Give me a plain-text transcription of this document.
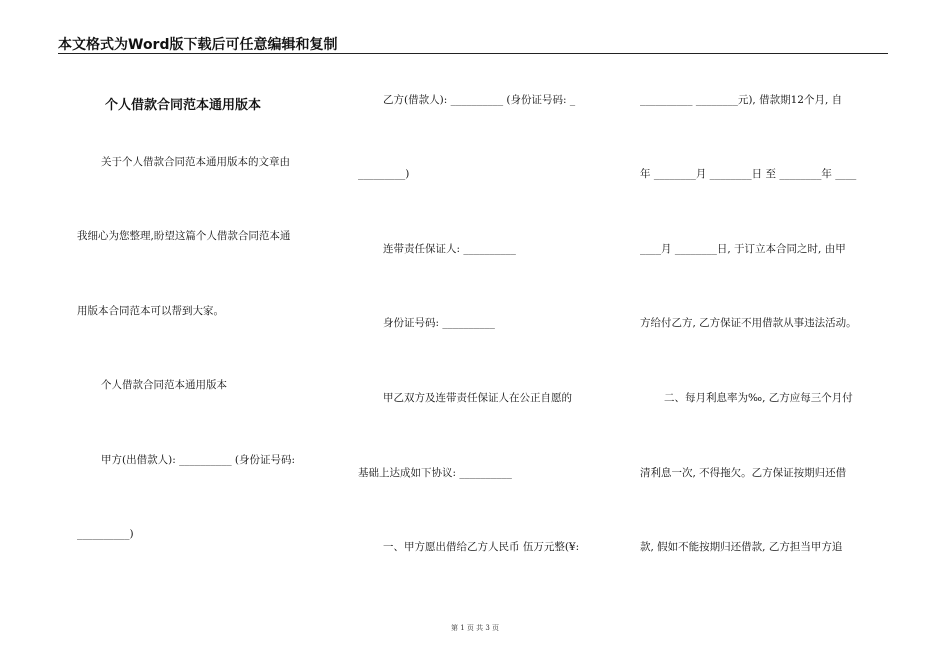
本文格式为Word版下载后可任意编辑和复制
个人借款合同范本通用版本
关于个人借款合同范本通用版本的文章由
我细心为您整理,盼望这篇个人借款合同范本通
用版本合同范本可以帮到大家。
个人借款合同范本通用版本
甲方(出借款人): __________ (身份证号码:
__________)
乙方(借款人): __________ (身份证号码: _
_________)
连带责任保证人: __________
身份证号码: __________
甲乙双方及连带责任保证人在公正自愿的
基础上达成如下协议: __________
一、甲方愿出借给乙方人民币 伍万元整(¥:
__________ ________元), 借款期12个月, 自
年 ________月 ________日 至 ________年 ____
____月 ________日, 于订立本合同之时, 由甲
方给付乙方, 乙方保证不用借款从事违法活动。
二、每月利息率为‰, 乙方应每三个月付
清利息一次, 不得拖欠。乙方保证按期归还借
款, 假如不能按期归还借款, 乙方担当甲方追
第 1 页 共 3 页
